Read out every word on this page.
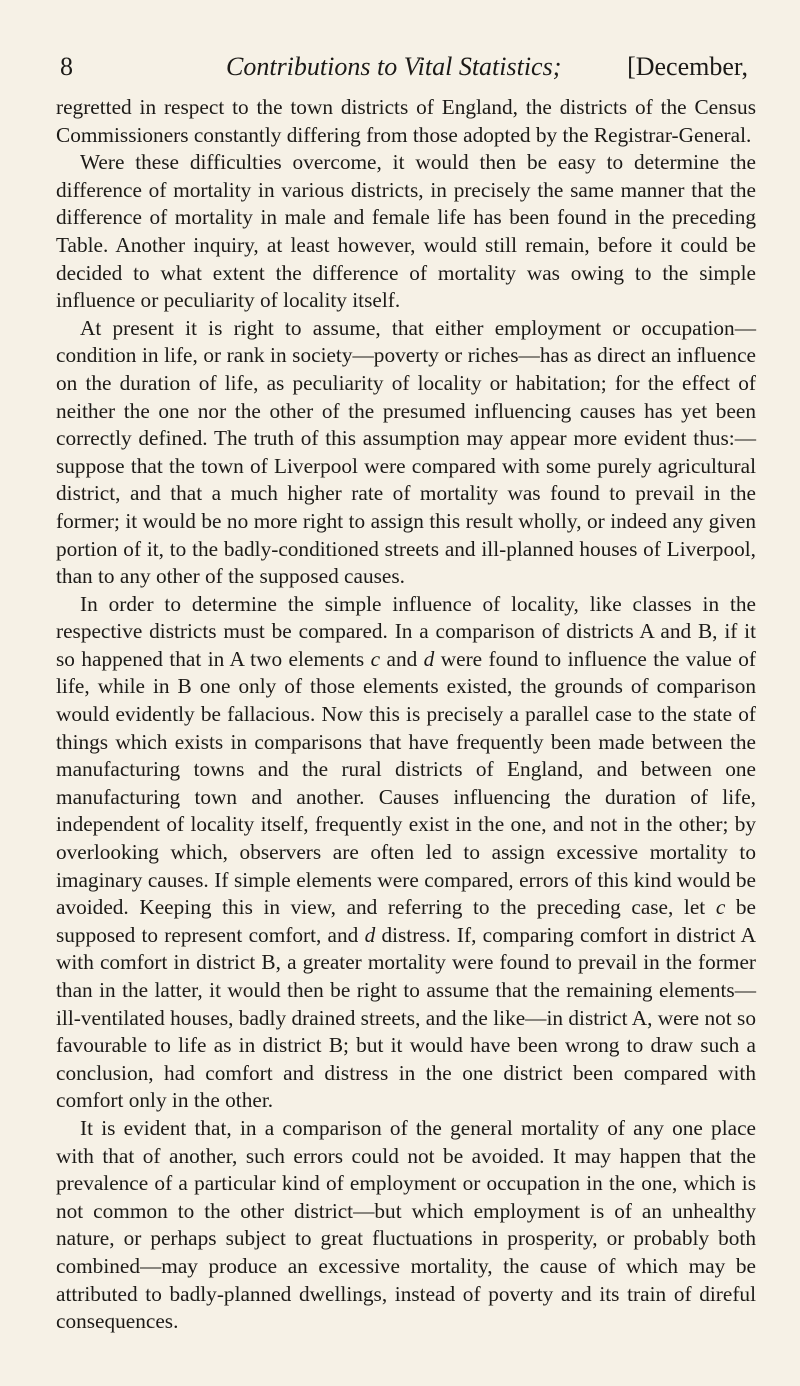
8	Contributions to Vital Statistics;	[December,

regretted in respect to the town districts of England, the districts of the Census Commissioners constantly differing from those adopted by the Registrar-General.

Were these difficulties overcome, it would then be easy to determine the difference of mortality in various districts, in precisely the same manner that the difference of mortality in male and female life has been found in the preceding Table. Another inquiry, at least however, would still remain, before it could be decided to what extent the difference of mortality was owing to the simple influence or peculiarity of locality itself.

At present it is right to assume, that either employment or occupation—condition in life, or rank in society—poverty or riches—has as direct an influence on the duration of life, as peculiarity of locality or habitation; for the effect of neither the one nor the other of the presumed influencing causes has yet been correctly defined. The truth of this assumption may appear more evident thus:—suppose that the town of Liverpool were compared with some purely agricultural district, and that a much higher rate of mortality was found to prevail in the former; it would be no more right to assign this result wholly, or indeed any given portion of it, to the badly-conditioned streets and ill-planned houses of Liverpool, than to any other of the supposed causes.

In order to determine the simple influence of locality, like classes in the respective districts must be compared. In a comparison of districts A and B, if it so happened that in A two elements c and d were found to influence the value of life, while in B one only of those elements existed, the grounds of comparison would evidently be fallacious. Now this is precisely a parallel case to the state of things which exists in comparisons that have frequently been made between the manufacturing towns and the rural districts of England, and between one manufacturing town and another. Causes influencing the duration of life, independent of locality itself, frequently exist in the one, and not in the other; by overlooking which, observers are often led to assign excessive mortality to imaginary causes. If simple elements were compared, errors of this kind would be avoided. Keeping this in view, and referring to the preceding case, let c be supposed to represent comfort, and d distress. If, comparing comfort in district A with comfort in district B, a greater mortality were found to prevail in the former than in the latter, it would then be right to assume that the remaining elements—ill-ventilated houses, badly drained streets, and the like—in district A, were not so favourable to life as in district B; but it would have been wrong to draw such a conclusion, had comfort and distress in the one district been compared with comfort only in the other.

It is evident that, in a comparison of the general mortality of any one place with that of another, such errors could not be avoided. It may happen that the prevalence of a particular kind of employment or occupation in the one, which is not common to the other district—but which employment is of an unhealthy nature, or perhaps subject to great fluctuations in prosperity, or probably both combined—may produce an excessive mortality, the cause of which may be attributed to badly-planned dwellings, instead of poverty and its train of direful consequences.
